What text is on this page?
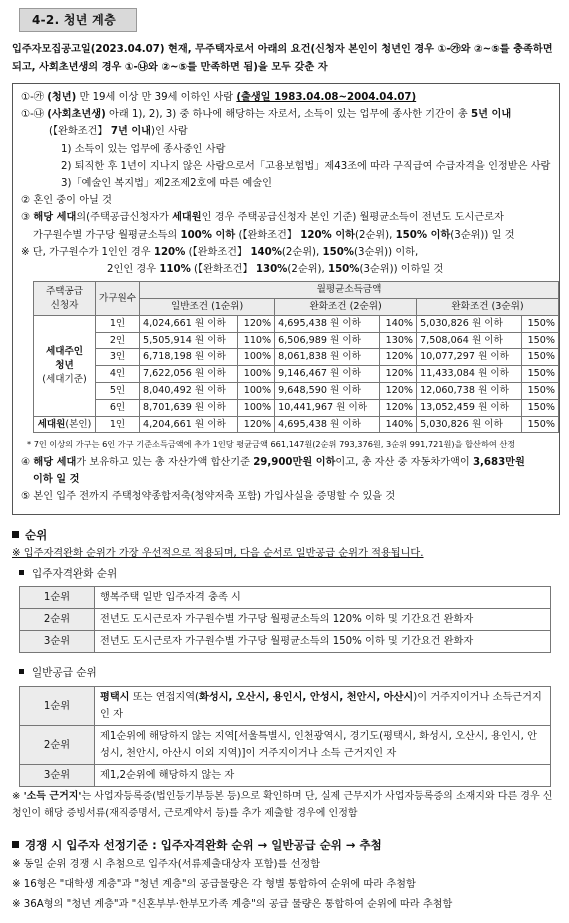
4-2. 청년 계층
입주자모집공고일(2023.04.07) 현재, 무주택자로서 아래의 요건(신청자 본인이 청년인 경우 ①-㉮와 ②~⑤를 충족하면 되고, 사회초년생의 경우 ①-㉯와 ②~⑤를 만족하면 됨)을 모두 갖춘 자

①-㉮ (청년) 만 19세 이상 만 39세 이하인 사람 (출생일 1983.04.08~2004.04.07)

①-㉯ (사회초년생) 아래 1), 2), 3) 중 하나에 해당하는 자로서, 소득이 있는 업무에 종사한 기간이 총 5년 이내

(【완화조건】 7년 이내)인 사람

1) 소득이 있는 업무에 종사중인 사람

2) 퇴직한 후 1년이 지나지 않은 사람으로서「고용보험법」제43조에 따라 구직급여 수급자격을 인정받은 사람

3)「예술인 복지법」제2조제2호에 따른 예술인

② 혼인 중이 아닐 것

③ 해당 세대의(주택공급신청자가 세대원인 경우 주택공급신청자 본인 기준) 월평균소득이 전년도 도시근로자

가구원수별 가구당 월평균소득의 100% 이하 (【완화조건】 120% 이하(2순위), 150% 이하(3순위)) 일 것

※ 단, 가구원수가 1인인 경우 120% (【완화조건】 140%(2순위), 150%(3순위)) 이하,

2인인 경우 110% (【완화조건】 130%(2순위), 150%(3순위)) 이하일 것

주택공급
신청자	가구원수	월평균소득금액					
		일반조건 (1순위)		완화조건 (2순위)		완화조건 (3순위)	
세대주인
청년
(세대기준)	1인	4,024,661 원 이하	120%	4,695,438 원 이하	140%	5,030,826 원 이하	150%
	2인	5,505,914 원 이하	110%	6,506,989 원 이하	130%	7,508,064 원 이하	150%
	3인	6,718,198 원 이하	100%	8,061,838 원 이하	120%	10,077,297 원 이하	150%
	4인	7,622,056 원 이하	100%	9,146,467 원 이하	120%	11,433,084 원 이하	150%
	5인	8,040,492 원 이하	100%	9,648,590 원 이하	120%	12,060,738 원 이하	150%
	6인	8,701,639 원 이하	100%	10,441,967 원 이하	120%	13,052,459 원 이하	150%
세대원(본인)	1인	4,204,661 원 이하	120%	4,695,438 원 이하	140%	5,030,826 원 이하	150%

* 7인 이상의 가구는 6인 가구 기준소득금액에 추가 1인당 평균금액 661,147원(2순위 793,376원, 3순위 991,721원)을 합산하여 산정

④ 해당 세대가 보유하고 있는 총 자산가액 합산기준 29,900만원 이하이고, 총 자산 중 자동차가액이 3,683만원

이하 일 것

⑤ 본인 입주 전까지 주택청약종합저축(청약저축 포함) 가입사실을 증명할 수 있을 것

순위
※ 입주자격완화 순위가 가장 우선적으로 적용되며, 다음 순서로 일반공급 순위가 적용됩니다.
입주자격완화 순위
1순위	행복주택 일반 입주자격 충족 시
2순위	전년도 도시근로자 가구원수별 가구당 월평균소득의 120% 이하 및 기간요건 완화자
3순위	전년도 도시근로자 가구원수별 가구당 월평균소득의 150% 이하 및 기간요건 완화자
일반공급 순위
1순위	평택시 또는 연접지역(화성시, 오산시, 용인시, 안성시, 천안시, 아산시)이 거주지이거나 소득근거지인 자
2순위	제1순위에 해당하지 않는 지역[서울특별시, 인천광역시, 경기도(평택시, 화성시, 오산시, 용인시, 안성시, 천안시, 아산시 이외 지역)]이 거주지이거나 소득 근거지인 자
3순위	제1,2순위에 해당하지 않는 자
※ '소득 근거지'는 사업자등록증(법인등기부등본 등)으로 확인하며 단, 실제 근무지가 사업자등록증의 소재지와 다른 경우 신청인이 해당 증빙서류(재직증명서, 근로계약서 등)를 추가 제출할 경우에 인정함
경쟁 시 입주자 선정기준 : 입주자격완화 순위 → 일반공급 순위 → 추첨
※ 동일 순위 경쟁 시 추첨으로 입주자(서류제출대상자 포함)를 선정함
※ 16형은 "대학생 계층"과 "청년 계층"의 공급물량은 각 형별 통합하여 순위에 따라 추첨함
※ 36A형의 "청년 계층"과 "신혼부부·한부모가족 계층"의 공급 물량은 통합하여 순위에 따라 추첨함
